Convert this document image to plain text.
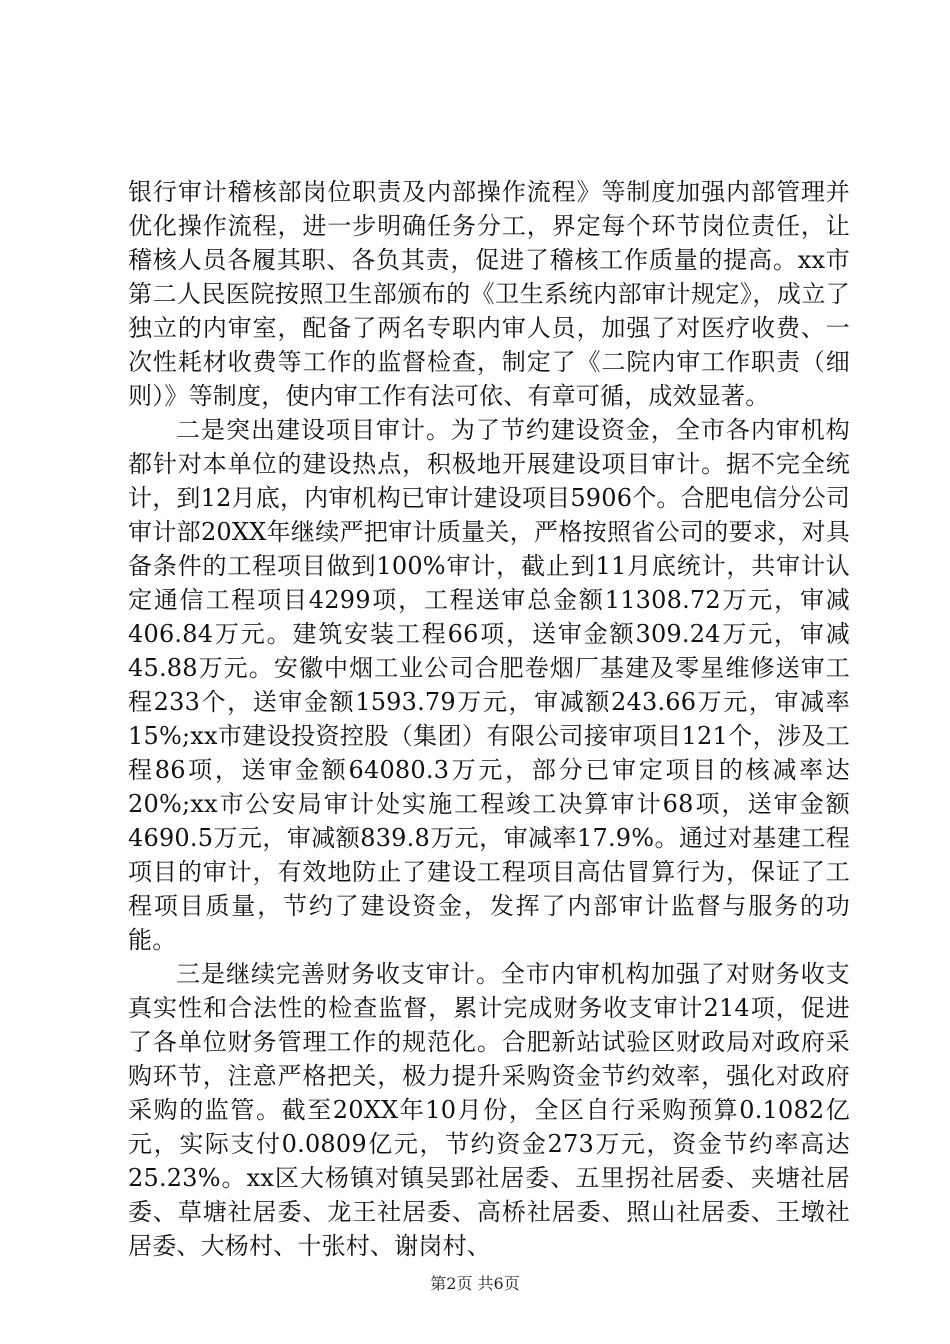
银行审计稽核部岗位职责及内部操作流程》等制度加强内部管理并优化操作流程，进一步明确任务分工，界定每个环节岗位责任，让稽核人员各履其职、各负其责，促进了稽核工作质量的提高。xx市第二人民医院按照卫生部颁布的《卫生系统内部审计规定》，成立了独立的内审室，配备了两名专职内审人员，加强了对医疗收费、一次性耗材收费等工作的监督检查，制定了《二院内审工作职责（细则）》等制度，使内审工作有法可依、有章可循，成效显著。

二是突出建设项目审计。为了节约建设资金，全市各内审机构都针对本单位的建设热点，积极地开展建设项目审计。据不完全统计，到12月底，内审机构已审计建设项目5906个。合肥电信分公司审计部20XX年继续严把审计质量关，严格按照省公司的要求，对具备条件的工程项目做到100%审计，截止到11月底统计，共审计认定通信工程项目4299项，工程送审总金额11308.72万元，审减406.84万元。建筑安装工程66项，送审金额309.24万元，审减45.88万元。安徽中烟工业公司合肥卷烟厂基建及零星维修送审工程233个，送审金额1593.79万元，审减额243.66万元，审减率15%;xx市建设投资控股（集团）有限公司接审项目121个，涉及工程86项，送审金额64080.3万元，部分已审定项目的核减率达20%;xx市公安局审计处实施工程竣工决算审计68项，送审金额4690.5万元，审减额839.8万元，审减率17.9%。通过对基建工程项目的审计，有效地防止了建设工程项目高估冒算行为，保证了工程项目质量，节约了建设资金，发挥了内部审计监督与服务的功能。

三是继续完善财务收支审计。全市内审机构加强了对财务收支真实性和合法性的检查监督，累计完成财务收支审计214项，促进了各单位财务管理工作的规范化。合肥新站试验区财政局对政府采购环节，注意严格把关，极力提升采购资金节约效率，强化对政府采购的监管。截至20XX年10月份，全区自行采购预算0.1082亿元，实际支付0.0809亿元，节约资金273万元，资金节约率高达25.23%。xx区大杨镇对镇吴郢社居委、五里拐社居委、夹塘社居委、草塘社居委、龙王社居委、高桥社居委、照山社居委、王墩社居委、大杨村、十张村、谢岗村、

第2页 共6页
